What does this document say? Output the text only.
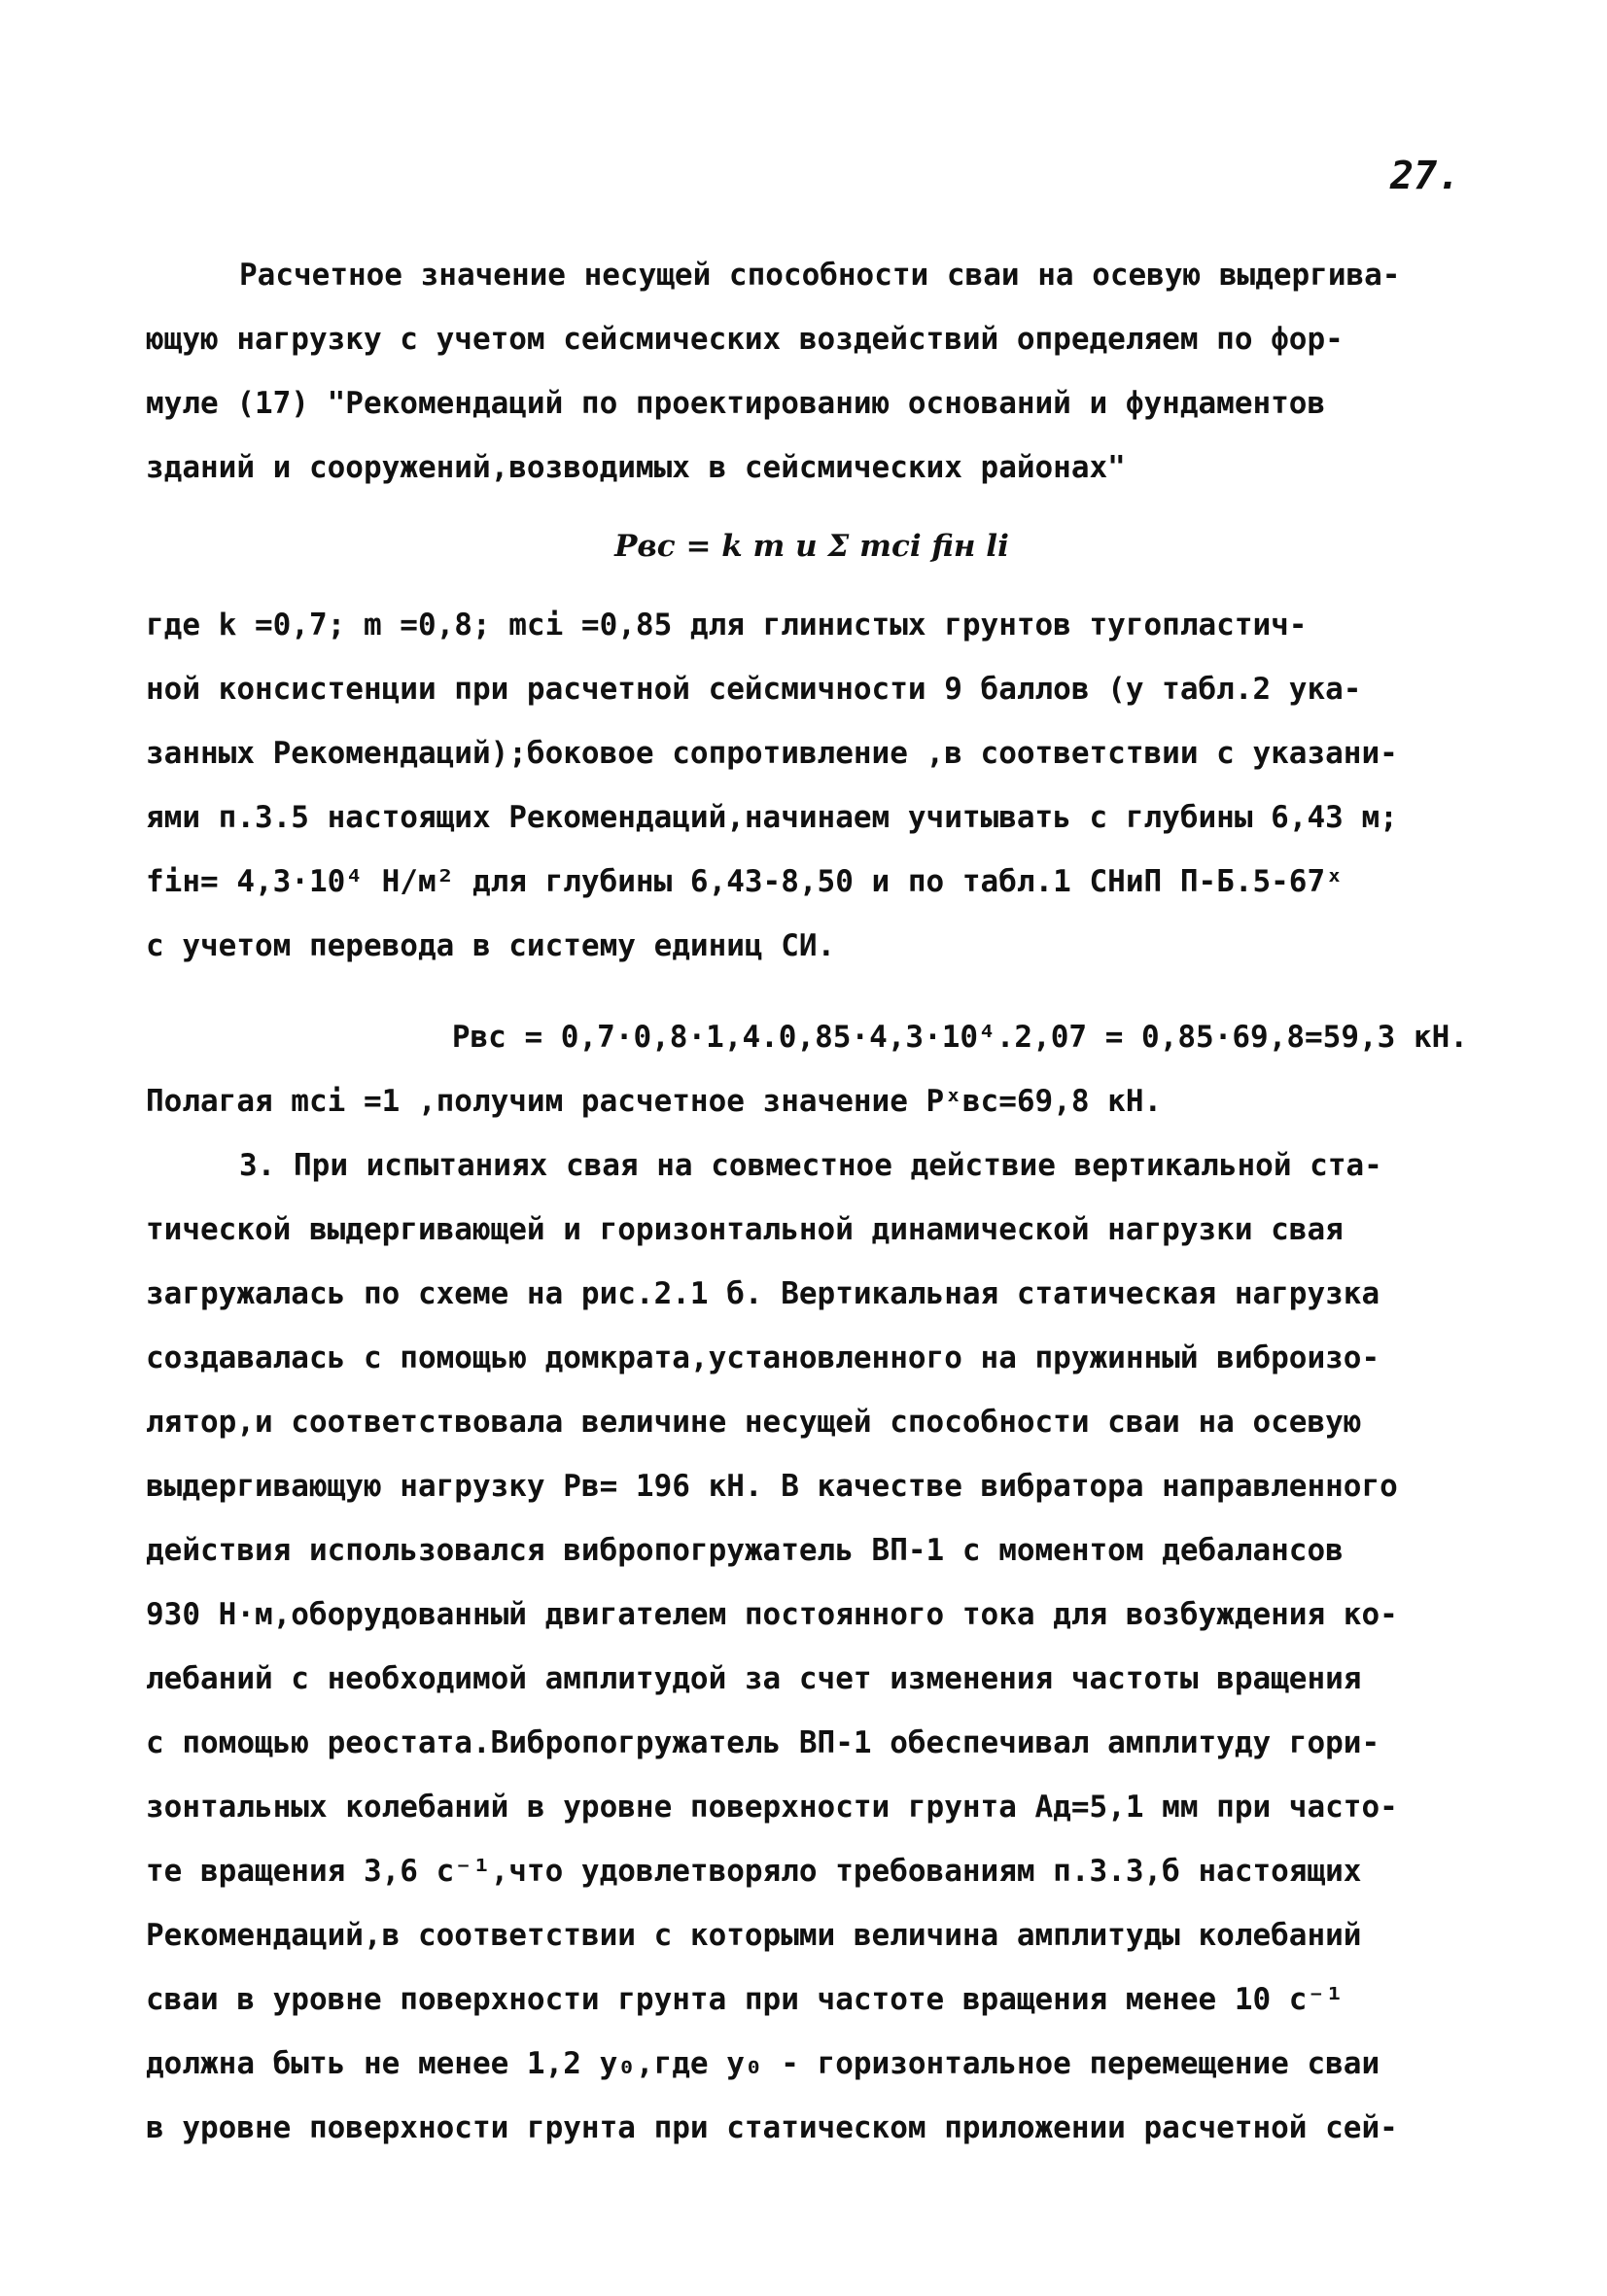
27.
Расчетное значение несущей способности сваи на осевую выдергива-
ющую нагрузку с учетом сейсмических воздействий определяем по фор-
муле (17) "Рекомендаций по проектированию оснований и фундаментов
зданий и сооружений,возводимых в сейсмических районах"
Pвс = k m u Σ mci fiн li
где k =0,7; m =0,8; mci =0,85 для глинистых грунтов тугопластич-
ной консистенции при расчетной сейсмичности 9 баллов (у табл.2 ука-
занных Рекомендаций);боковое сопротивление ,в соответствии с указани-
ями п.3.5 настоящих Рекомендаций,начинаем учитывать с глубины 6,43 м;
fiн= 4,3·10⁴ Н/м² для глубины 6,43-8,50 и по табл.1 СНиП П-Б.5-67ˣ
с учетом перевода в систему единиц СИ.
Pвс = 0,7·0,8·1,4.0,85·4,3·10⁴.2,07 = 0,85·69,8=59,3 кН.
Полагая mci =1 ,получим расчетное значение Pˣвс=69,8 кН.
3. При испытаниях свая на совместное действие вертикальной ста-
тической выдергивающей и горизонтальной динамической нагрузки свая
загружалась по схеме на рис.2.1 б. Вертикальная статическая нагрузка
создавалась с помощью домкрата,установленного на пружинный виброизо-
лятор,и соответствовала величине несущей способности сваи на осевую
выдергивающую нагрузку Pв= 196 кН. В качестве вибратора направленного
действия использовался вибропогружатель ВП-1 с моментом дебалансов
930 Н·м,оборудованный двигателем постоянного тока для возбуждения ко-
лебаний с необходимой амплитудой за счет изменения частоты вращения
с помощью реостата.Вибропогружатель ВП-1 обеспечивал амплитуду гори-
зонтальных колебаний в уровне поверхности грунта Aд=5,1 мм при часто-
те вращения 3,6 с⁻¹,что удовлетворяло требованиям п.3.3,б настоящих
Рекомендаций,в соответствии с которыми величина амплитуды колебаний
сваи в уровне поверхности грунта при частоте вращения менее 10 с⁻¹
должна быть не менее 1,2 y₀,где y₀ - горизонтальное перемещение сваи
в уровне поверхности грунта при статическом приложении расчетной сей-
